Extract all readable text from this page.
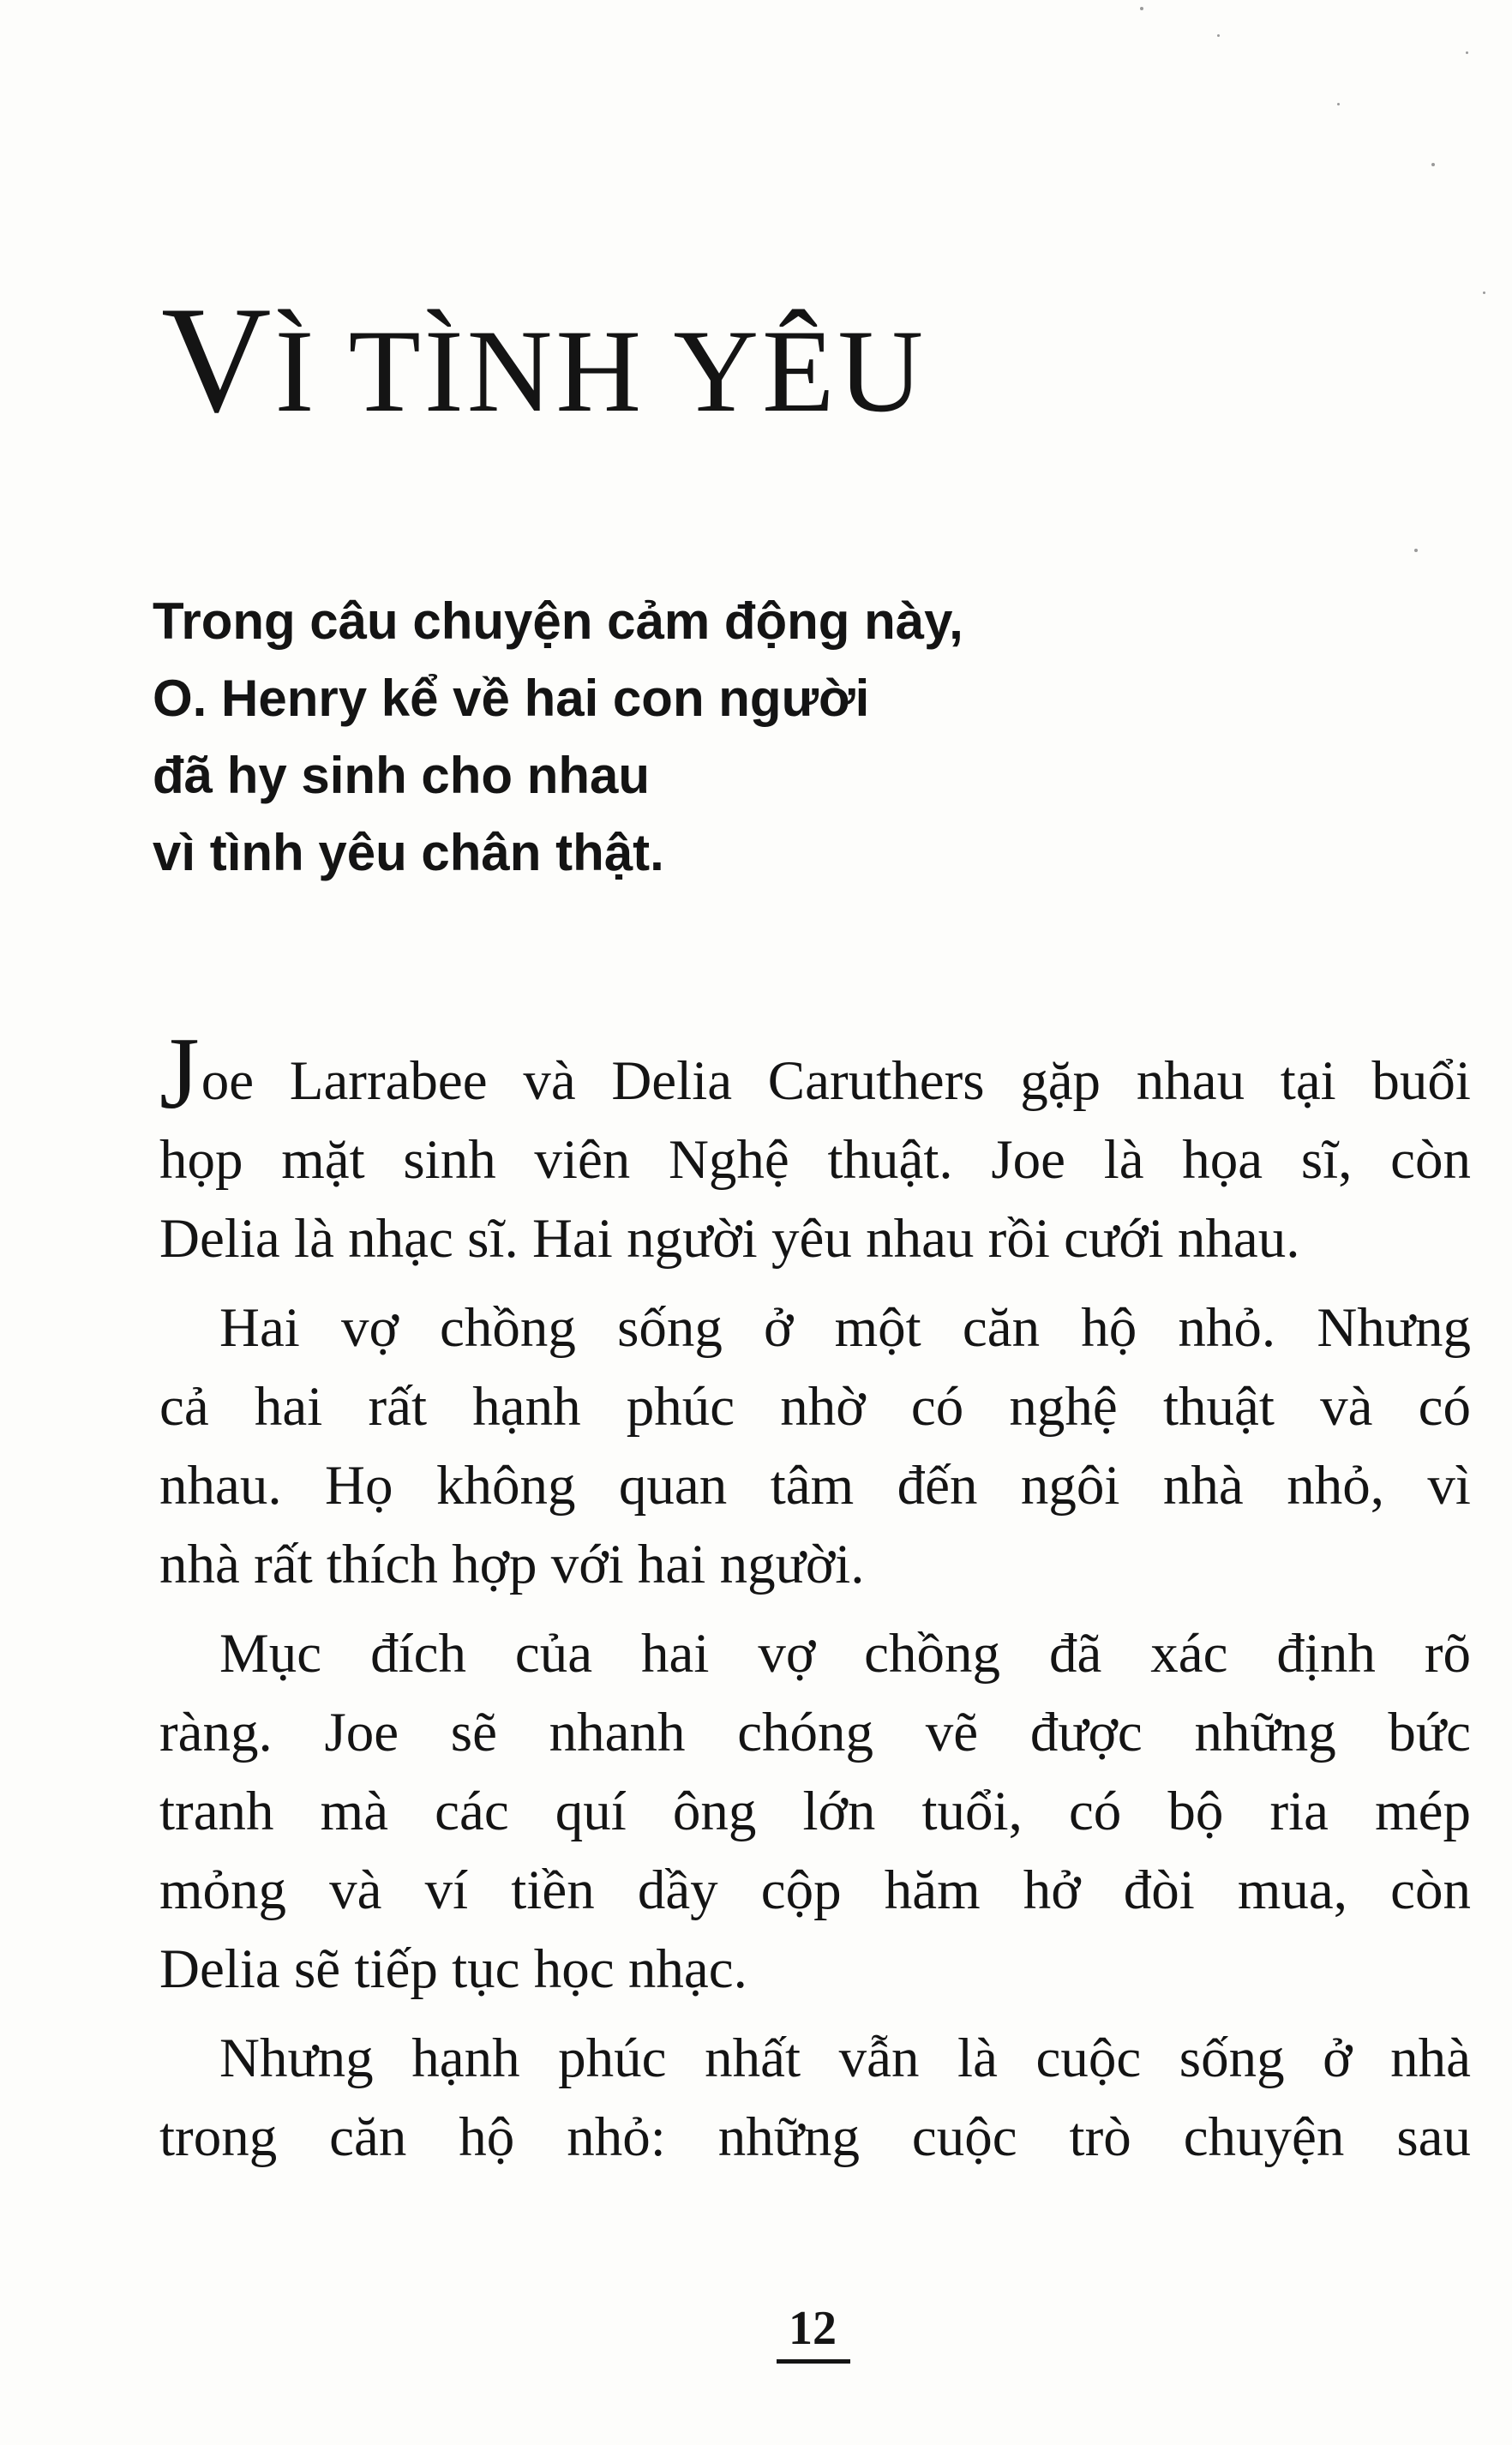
VÌ TÌNH YÊU
Trong câu chuyện cảm động này,
O. Henry kể về hai con người
đã hy sinh cho nhau
vì tình yêu chân thật.
Joe Larrabee và Delia Caruthers gặp nhau tại buổi
họp mặt sinh viên Nghệ thuật. Joe là họa sĩ, còn
Delia là nhạc sĩ. Hai người yêu nhau rồi cưới nhau.
Hai vợ chồng sống ở một căn hộ nhỏ. Nhưng
cả hai rất hạnh phúc nhờ có nghệ thuật và có
nhau. Họ không quan tâm đến ngôi nhà nhỏ, vì
nhà rất thích hợp với hai người.
Mục đích của hai vợ chồng đã xác định rõ
ràng. Joe sẽ nhanh chóng vẽ được những bức
tranh mà các quí ông lớn tuổi, có bộ ria mép
mỏng và ví tiền dầy cộp hăm hở đòi mua, còn
Delia sẽ tiếp tục học nhạc.
Nhưng hạnh phúc nhất vẫn là cuộc sống ở nhà
trong căn hộ nhỏ: những cuộc trò chuyện sau
12
